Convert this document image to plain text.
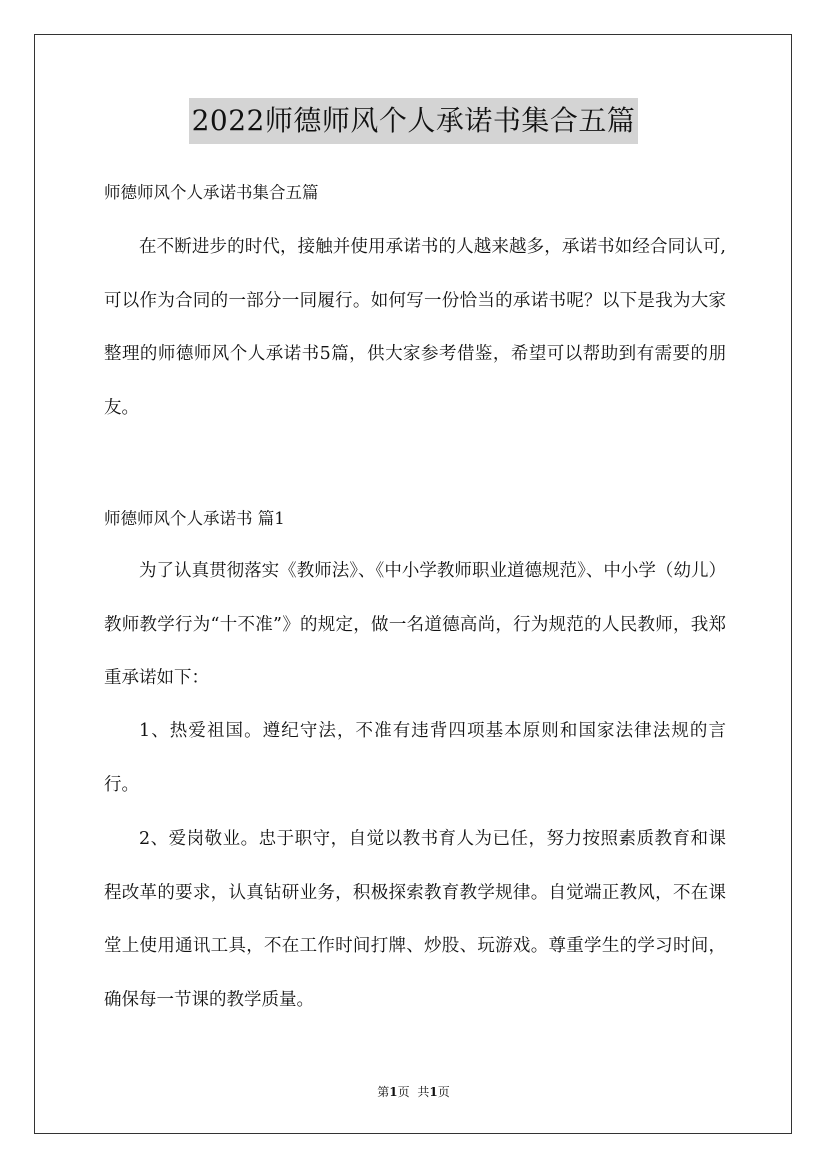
2022师德师风个人承诺书集合五篇
师德师风个人承诺书集合五篇

在不断进步的时代，接触并使用承诺书的人越来越多，承诺书如经合同认可,可以作为合同的一部分一同履行。如何写一份恰当的承诺书呢？以下是我为大家整理的师德师风个人承诺书5篇，供大家参考借鉴，希望可以帮助到有需要的朋友。

师德师风个人承诺书 篇1

为了认真贯彻落实《教师法》、《中小学教师职业道德规范》、中小学（幼儿）教师教学行为“十不准”》的规定，做一名道德高尚，行为规范的人民教师，我郑重承诺如下：

1、热爱祖国。遵纪守法，不准有违背四项基本原则和国家法律法规的言行。

2、爱岗敬业。忠于职守，自觉以教书育人为已任，努力按照素质教育和课程改革的要求，认真钻研业务，积极探索教育教学规律。自觉端正教风，不在课堂上使用通讯工具，不在工作时间打牌、炒股、玩游戏。尊重学生的学习时间，确保每一节课的教学质量。

第1页 共1页
